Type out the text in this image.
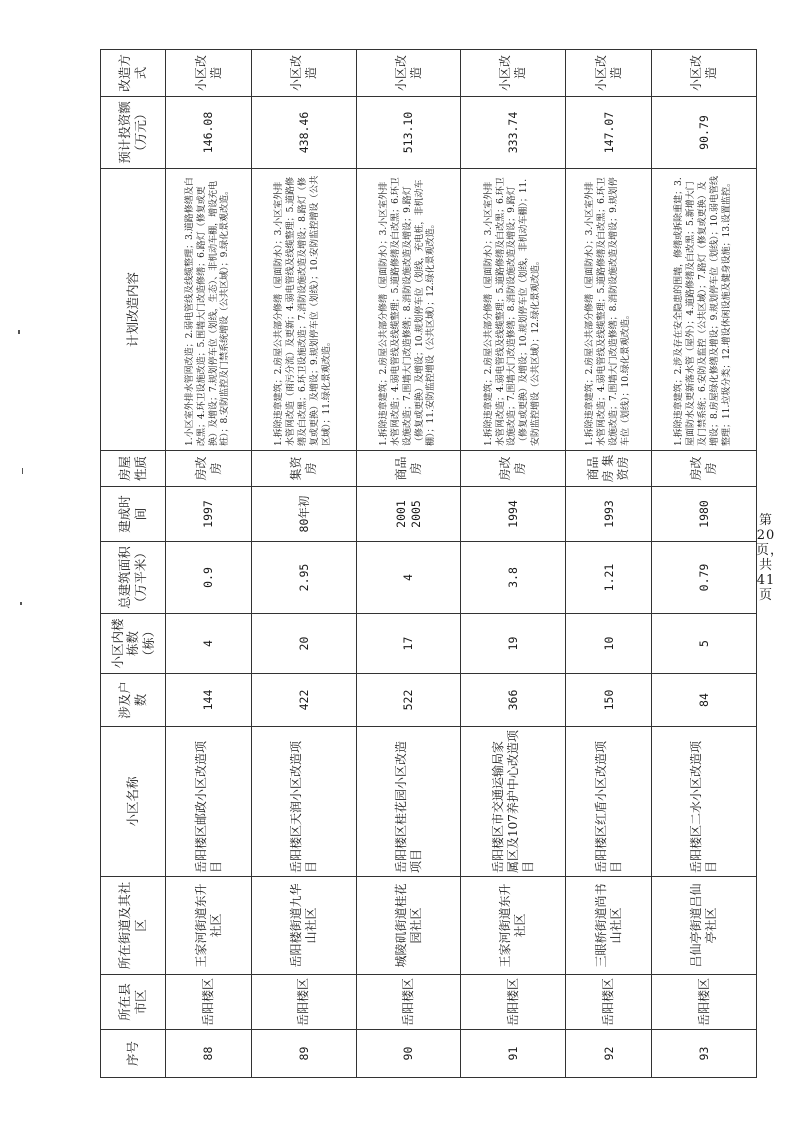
序号	所在县市区	所在街道及其社区	小区名称	涉及户数	小区内楼栋数（栋）	总建筑面积（万平米）	建成时间	房屋性质	计划改造内容	预计投资额（万元）	改造方式
88	岳阳楼区	王家河街道东升社区	岳阳楼区邮政小区改造项目	144	4	0.9	1997	房改房	1.小区室外排水管网改造；2.弱电管线及线缆整理；3.道路修缮及白改黑；4.环卫设施改造；5.围墙大门改造修缮；6.路灯（修复或更换）及增设；7.规划停车位（划线，生态）、非机动车棚，增设充电桩）；8.安防监控及门禁系统增设（公共区域）；9.绿化景观改造。	146.08	小区改造
89	岳阳楼区	岳阳楼街道九华山社区	岳阳楼区天润小区改造项目	422	20	2.95	80年初	集资房	1.拆除违章建筑；2.房屋公共部分修缮（屋面防水）；3.小区室外排水管网改造（雨污分流）及更新；4.弱电管线及线缆整理；5.道路修缮及白改黑；6.环卫设施改造；7.消防设施改造及增设；8.路灯（修复或更换）及增设；9.规划停车位（划线）；10.安防监控增设（公共区域）；11.绿化景观改造。	438.46	小区改造
90	岳阳楼区	城陵矶街道桂花园社区	岳阳楼区桂花园小区改造项目	522	17	4	2001 2005	商品房	1.拆除违章建筑；2.房屋公共部分修缮（屋面防水）；3.小区室外排水管网改造；4.弱电管线及线缆整理；5.道路修缮及白改黑；6.环卫设施改造；7.围墙大门改造修缮；8.消防设施改造及增设；9.路灯（修复或更换）及增设；10.规划停车位（划线，充电桩，非机动车棚）；11.安防监控增设（公共区域）；12.绿化景观改造。	513.10	小区改造
91	岳阳楼区	王家河街道东升社区	岳阳楼区市交通运输局家属区及107养护中心改造项目	366	19	3.8	1994	房改房	1.拆除违章建筑；2.房屋公共部分修缮（屋面防水）；3.小区室外排水管网改造；4.弱电管线及线缆整理；5.道路修缮及白改黑；6.环卫设施改造；7.围墙大门改造修缮；8.消防设施改造及增设；9.路灯（修复或更换）及增设；10.规划停车位（划线，非机动车棚）；11.安防监控增设（公共区域）；12.绿化景观改造。	333.74	小区改造
92	岳阳楼区	三眼桥街道尚书山社区	岳阳楼区红盾小区改造项目	150	10	1.21	1993	商品房 集资房	1.拆除违章建筑；2.房屋公共部分修缮（屋面防水）；3.小区室外排水管网改造；4.弱电管线及线缆整理；5.道路修缮及白改黑；6.环卫设施改造；7.围墙大门改造修缮；8.消防设施改造及增设；9.规划停车位（划线）；10.绿化景观改造。	147.07	小区改造
93	岳阳楼区	吕仙亭街道吕仙亭社区	岳阳楼区二水小区改造项目	84	5	0.79	1980	房改房	1.拆除违章建筑；2.涉及存在安全隐患的围墙，修缮或拆除重建；3.屋面防水及更新落水管（屋外）；4.道路修缮及白改黑；5.新增大门及门禁系统；6.安防及监控（公共区域）；7.路灯（修复或更换）及增设；8.房屋绿化修缮及增设；9.规划停车位（划线）；10.弱电管线整理；11.垃圾分类；12.增设休闲设施及健身设施；13.设置监控。	90.79	小区改造
第 20 页，共 41 页
